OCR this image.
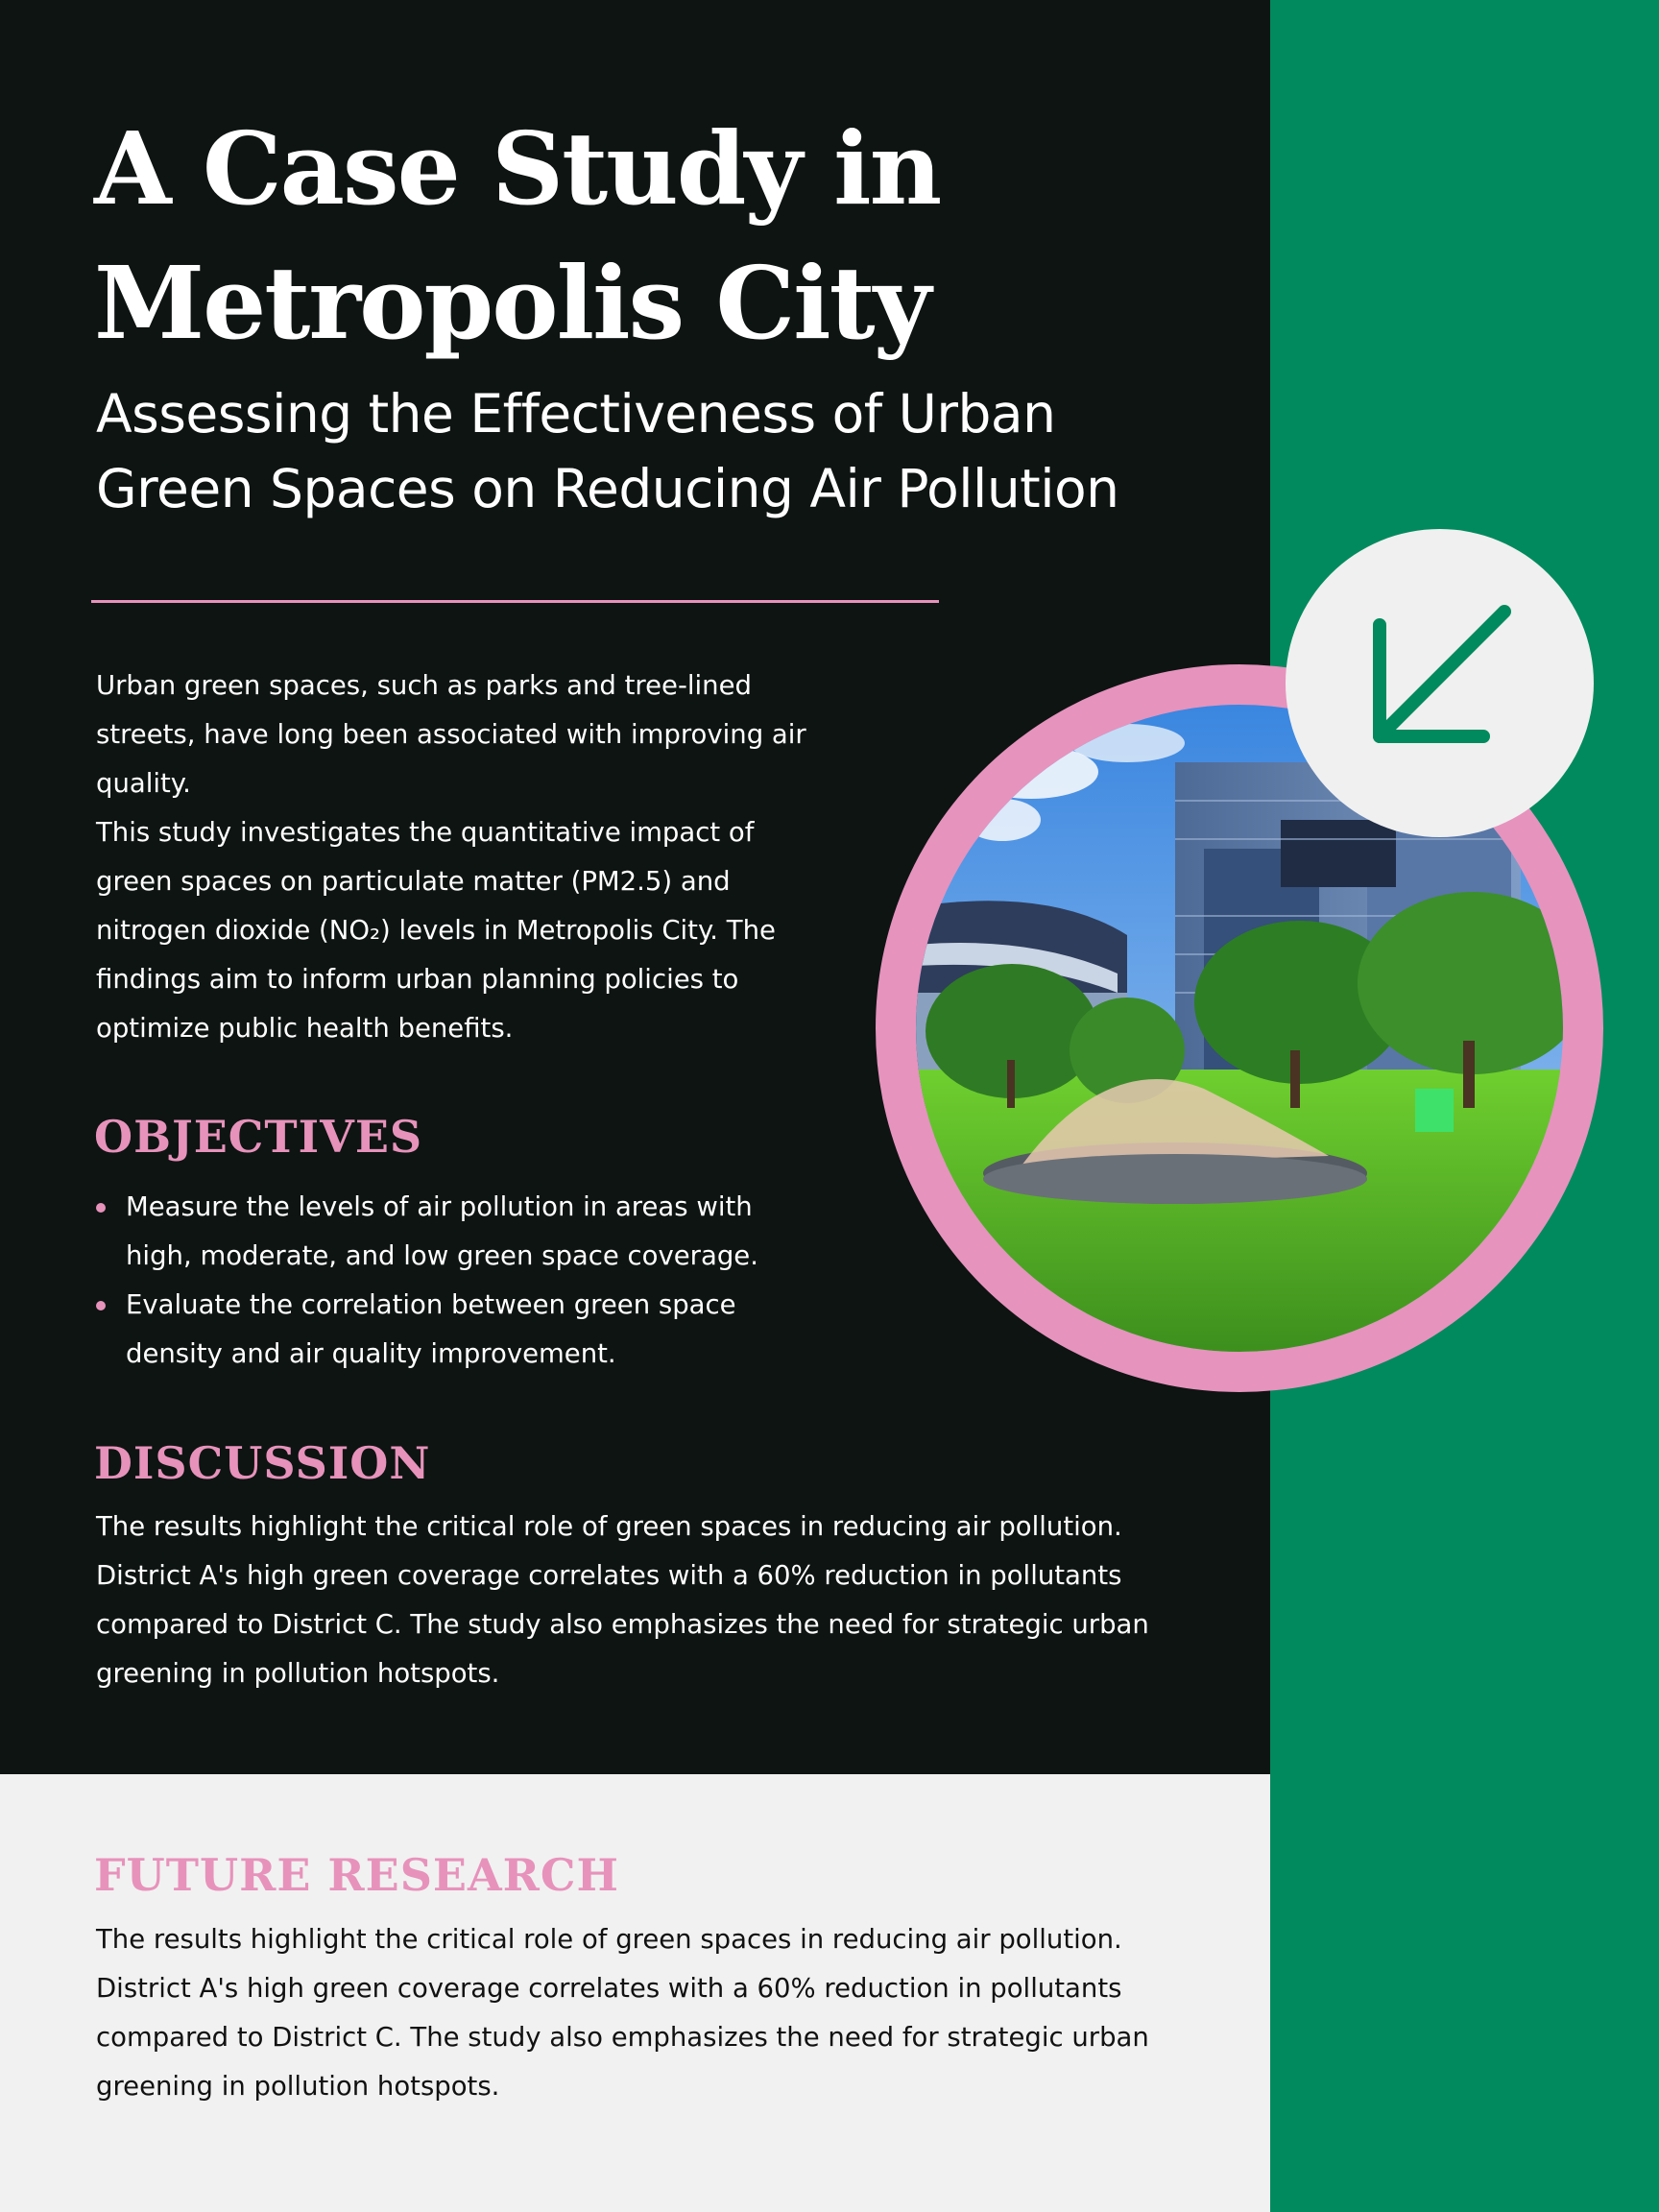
A Case Study in
Metropolis City
Assessing the Effectiveness of Urban
Green Spaces on Reducing Air Pollution

Urban green spaces, such as parks and tree-lined streets, have long been associated with improving air quality.

This study investigates the quantitative impact of green spaces on particulate matter (PM2.5) and nitrogen dioxide (NO₂) levels in Metropolis City. The findings aim to inform urban planning policies to optimize public health benefits.

OBJECTIVES
Measure the levels of air pollution in areas with high, moderate, and low green space coverage.
Evaluate the correlation between green space density and air quality improvement.
DISCUSSION

The results highlight the critical role of green spaces in reducing air pollution. District A's high green coverage correlates with a 60% reduction in pollutants compared to District C. The study also emphasizes the need for strategic urban greening in pollution hotspots.

FUTURE RESEARCH

The results highlight the critical role of green spaces in reducing air pollution. District A's high green coverage correlates with a 60% reduction in pollutants compared to District C. The study also emphasizes the need for strategic urban greening in pollution hotspots.
